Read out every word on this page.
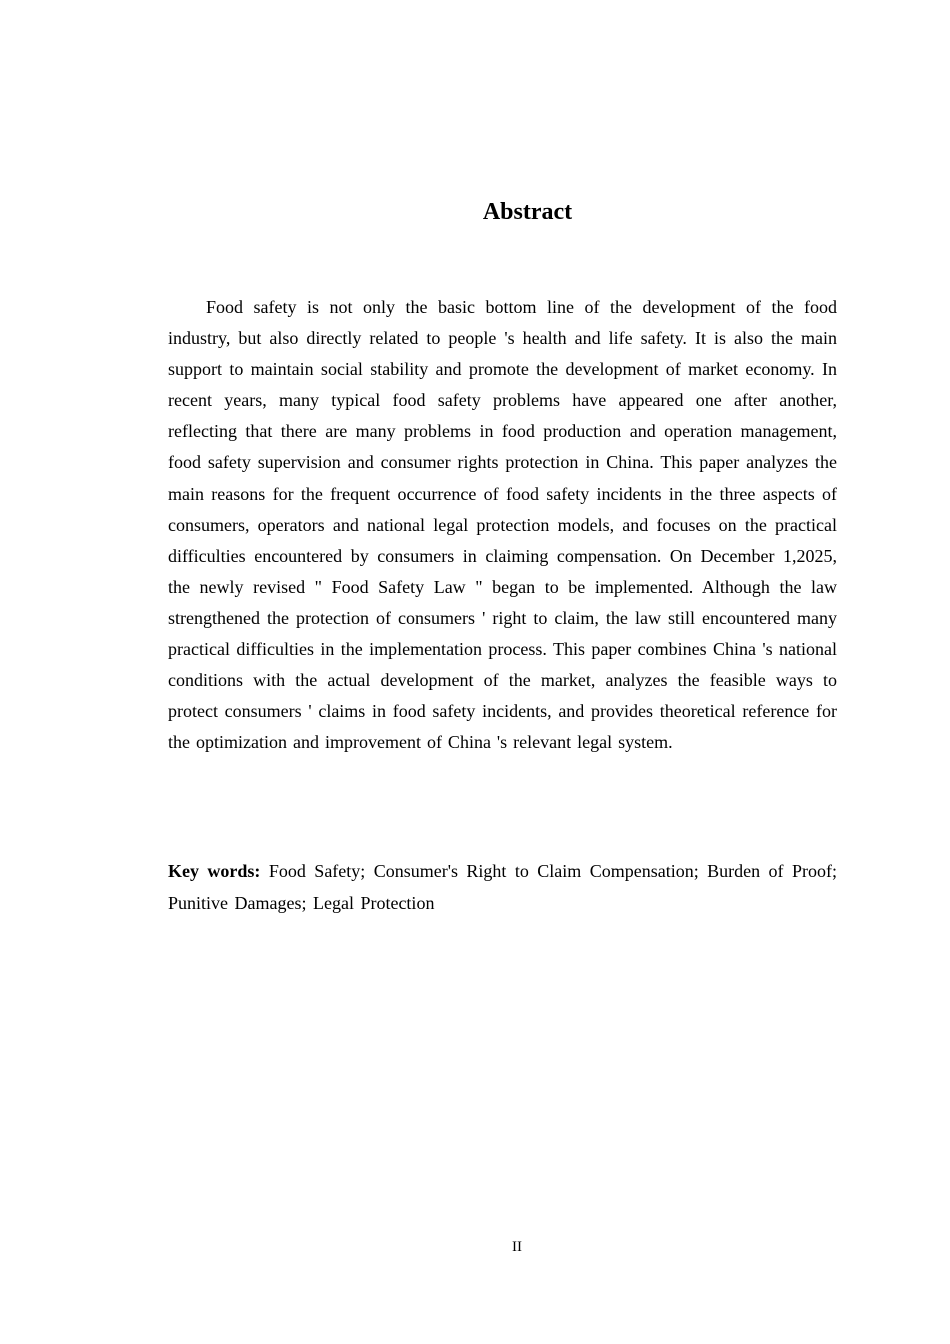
Abstract

Food safety is not only the basic bottom line of the development of the food industry, but also directly related to people 's health and life safety. It is also the main support to maintain social stability and promote the development of market economy. In recent years, many typical food safety problems have appeared one after another, reflecting that there are many problems in food production and operation management, food safety supervision and consumer rights protection in China. This paper analyzes the main reasons for the frequent occurrence of food safety incidents in the three aspects of consumers, operators and national legal protection models, and focuses on the practical difficulties encountered by consumers in claiming compensation. On December 1,2025, the newly revised " Food Safety Law " began to be implemented. Although the law strengthened the protection of consumers ' right to claim, the law still encountered many practical difficulties in the implementation process. This paper combines China 's national conditions with the actual development of the market, analyzes the feasible ways to protect consumers ' claims in food safety incidents, and provides theoretical reference for the optimization and improvement of China 's relevant legal system.

Key words: Food Safety; Consumer's Right to Claim Compensation; Burden of Proof; Punitive Damages; Legal Protection

II
